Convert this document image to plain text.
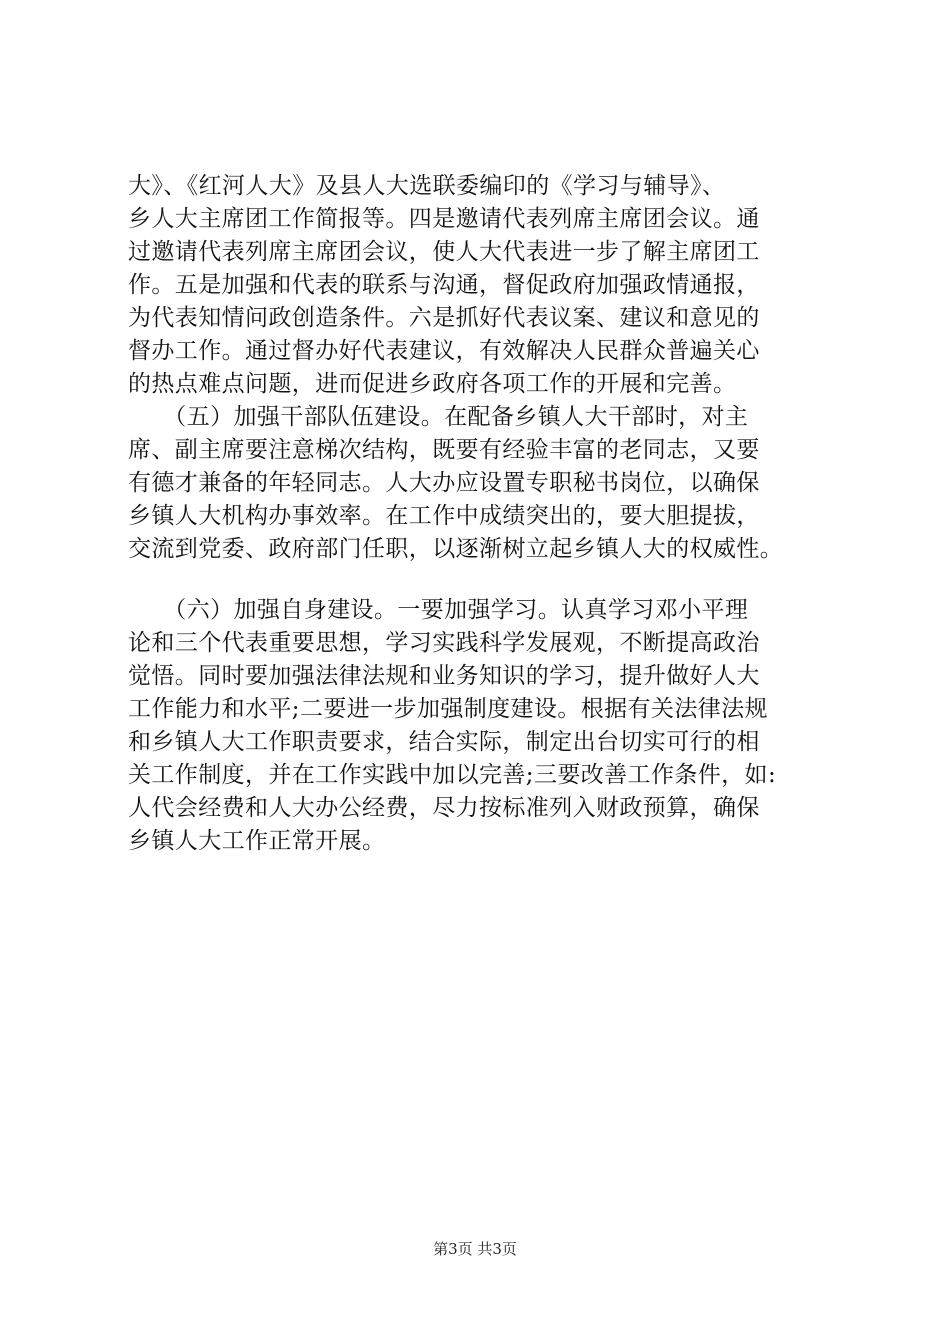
大》、《红河人大》及县人大选联委编印的《学习与辅导》、
乡人大主席团工作简报等。四是邀请代表列席主席团会议。通
过邀请代表列席主席团会议，使人大代表进一步了解主席团工
作。五是加强和代表的联系与沟通，督促政府加强政情通报，
为代表知情问政创造条件。六是抓好代表议案、建议和意见的
督办工作。通过督办好代表建议，有效解决人民群众普遍关心
的热点难点问题，进而促进乡政府各项工作的开展和完善。
　　（五）加强干部队伍建设。在配备乡镇人大干部时，对主
席、副主席要注意梯次结构，既要有经验丰富的老同志，又要
有德才兼备的年轻同志。人大办应设置专职秘书岗位，以确保
乡镇人大机构办事效率。在工作中成绩突出的，要大胆提拔，
交流到党委、政府部门任职，以逐渐树立起乡镇人大的权威性。
　　（六）加强自身建设。一要加强学习。认真学习邓小平理
论和三个代表重要思想，学习实践科学发展观，不断提高政治
觉悟。同时要加强法律法规和业务知识的学习，提升做好人大
工作能力和水平;二要进一步加强制度建设。根据有关法律法规
和乡镇人大工作职责要求，结合实际，制定出台切实可行的相
关工作制度，并在工作实践中加以完善;三要改善工作条件，如:
人代会经费和人大办公经费，尽力按标准列入财政预算，确保
乡镇人大工作正常开展。
第3页 共3页
